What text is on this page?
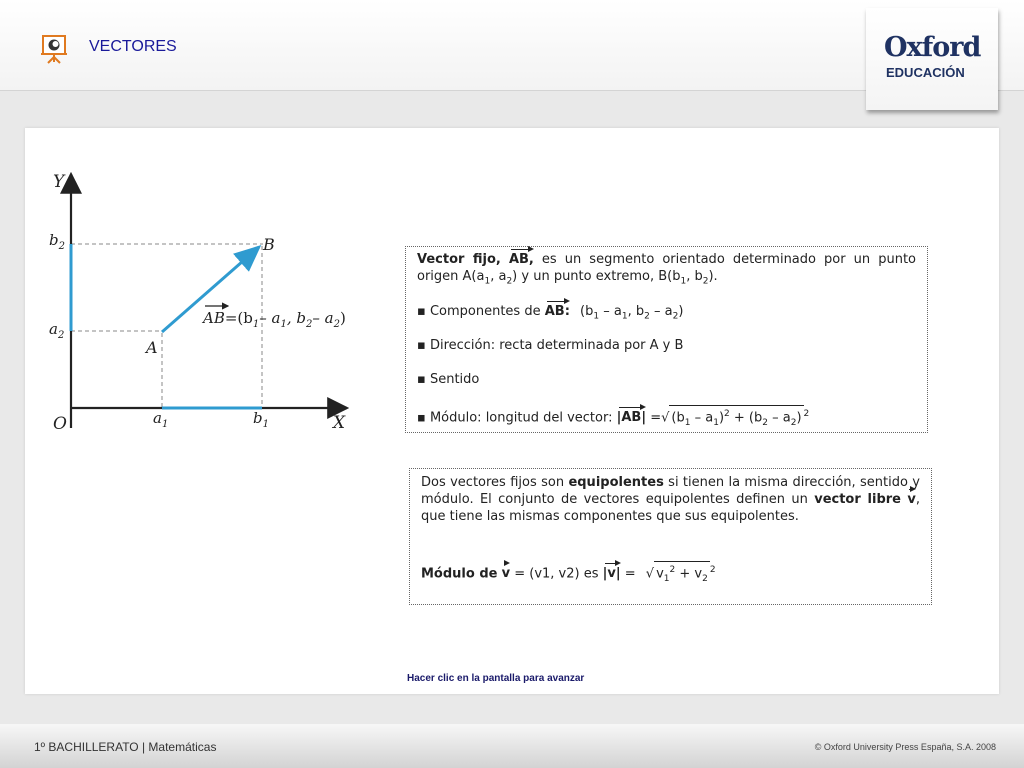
VECTORES	Oxford
EDUCACIÓN
Y
X
O
$b_2$
$a_2$
$a_1$	$b_1$
A
B
$AB=(b_1-$ $a_1$, $b_2-$ $a_2$)

Vector fijo, AB, es un segmento orientado determinado por un punto origen $A(a_1$, $a_2$) y un punto extremo, $B(b_1$, $b_2$).

▪ Componentes de AB: ($b_1 - a_1$, $b_2 - a_2$)
▪ Dirección: recta determinada por A y B
▪ Sentido
▪ Módulo: longitud del vector: |AB| =√ $(b_1 - a_1)^2 + (b_2 - a_2)$ $^2$

Dos vectores fijos son equipolentes si tienen la misma dirección, sentido y módulo. El conjunto de vectores equipolentes definen un vector libre v, que tiene las mismas componentes que sus equipolentes.

Módulo de v = (v1, v2) es |v| = √ $v_1^2 + v_2^2$
Hacer clic en la pantalla para avanzar
1º BACHILLERATO | Matemáticas	© Oxford University Press España, S.A. 2008
